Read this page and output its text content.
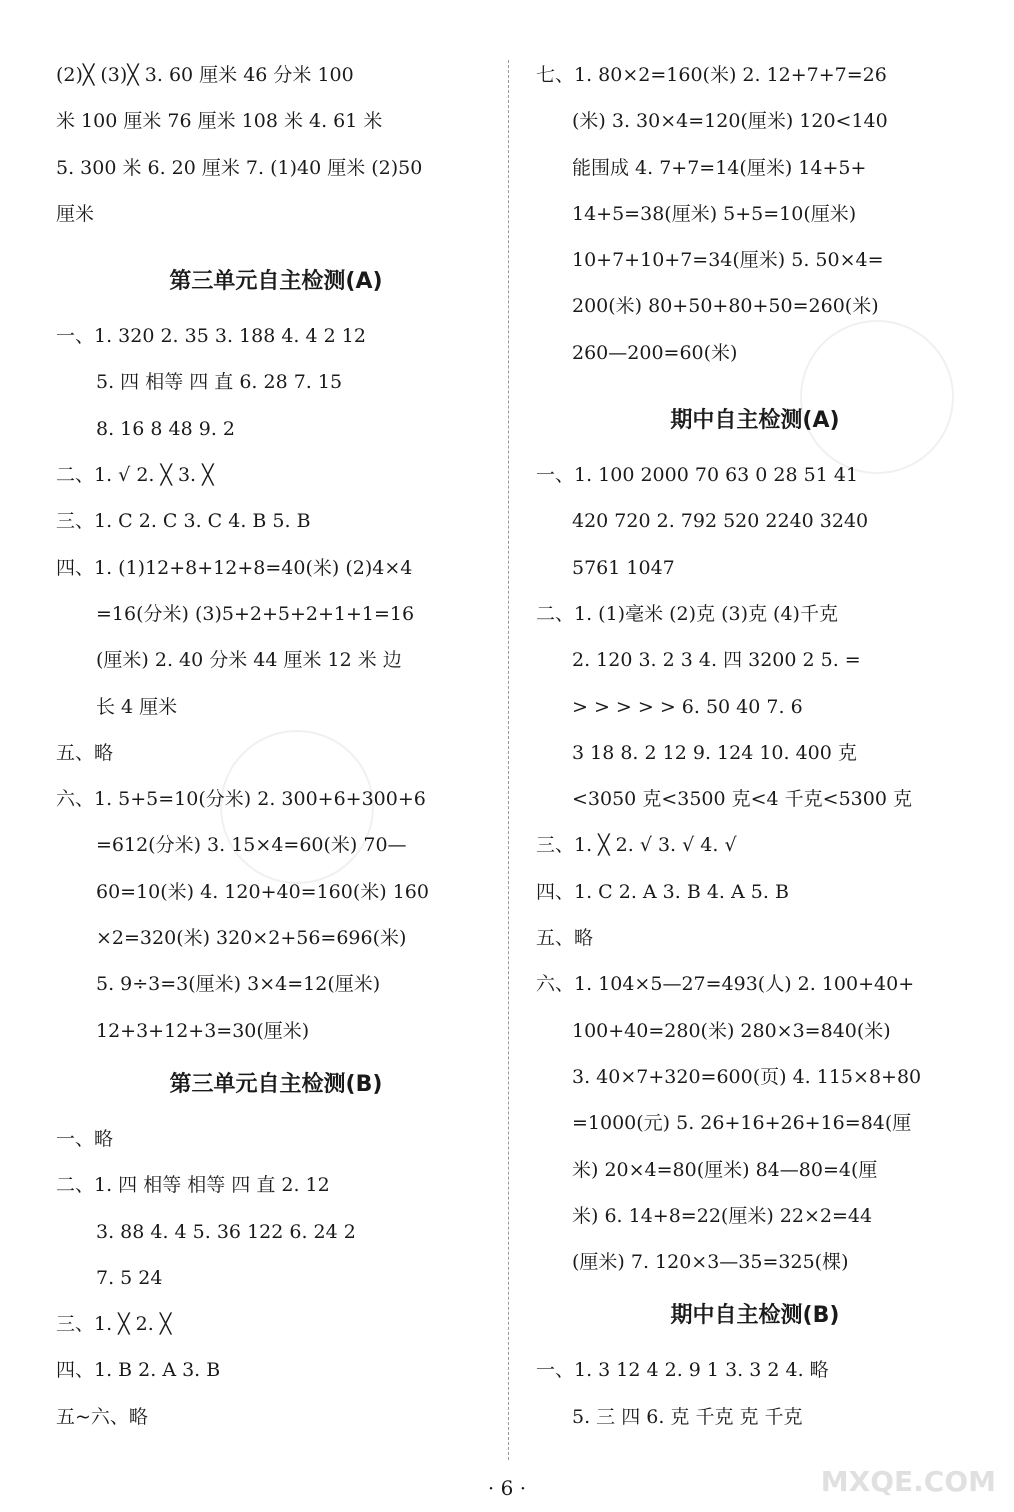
(2)╳ (3)╳ 3. 60 厘米 46 分米 100
米 100 厘米 76 厘米 108 米 4. 61 米
5. 300 米 6. 20 厘米 7. (1)40 厘米 (2)50
厘米
第三单元自主检测(A)
一、1. 320 2. 35 3. 188 4. 4 2 12
5. 四 相等 四 直 6. 28 7. 15
8. 16 8 48 9. 2
二、1. √ 2. ╳ 3. ╳
三、1. C 2. C 3. C 4. B 5. B
四、1. (1)12+8+12+8=40(米) (2)4×4
=16(分米) (3)5+2+5+2+1+1=16
(厘米) 2. 40 分米 44 厘米 12 米 边
长 4 厘米
五、略
六、1. 5+5=10(分米) 2. 300+6+300+6
=612(分米) 3. 15×4=60(米) 70—
60=10(米) 4. 120+40=160(米) 160
×2=320(米) 320×2+56=696(米)
5. 9÷3=3(厘米) 3×4=12(厘米)
12+3+12+3=30(厘米)
第三单元自主检测(B)
一、略
二、1. 四 相等 相等 四 直 2. 12
3. 88 4. 4 5. 36 122 6. 24 2
7. 5 24
三、1. ╳ 2. ╳
四、1. B 2. A 3. B
五~六、略
七、1. 80×2=160(米) 2. 12+7+7=26
(米) 3. 30×4=120(厘米) 120<140
能围成 4. 7+7=14(厘米) 14+5+
14+5=38(厘米) 5+5=10(厘米)
10+7+10+7=34(厘米) 5. 50×4=
200(米) 80+50+80+50=260(米)
260—200=60(米)
期中自主检测(A)
一、1. 100 2000 70 63 0 28 51 41
420 720 2. 792 520 2240 3240
5761 1047
二、1. (1)毫米 (2)克 (3)克 (4)千克
2. 120 3. 2 3 4. 四 3200 2 5. =
> > > > > 6. 50 40 7. 6
3 18 8. 2 12 9. 124 10. 400 克
<3050 克<3500 克<4 千克<5300 克
三、1. ╳ 2. √ 3. √ 4. √
四、1. C 2. A 3. B 4. A 5. B
五、略
六、1. 104×5—27=493(人) 2. 100+40+
100+40=280(米) 280×3=840(米)
3. 40×7+320=600(页) 4. 115×8+80
=1000(元) 5. 26+16+26+16=84(厘
米) 20×4=80(厘米) 84—80=4(厘
米) 6. 14+8=22(厘米) 22×2=44
(厘米) 7. 120×3—35=325(棵)
期中自主检测(B)
一、1. 3 12 4 2. 9 1 3. 3 2 4. 略
5. 三 四 6. 克 千克 克 千克
· 6 ·	MXQE.COM
